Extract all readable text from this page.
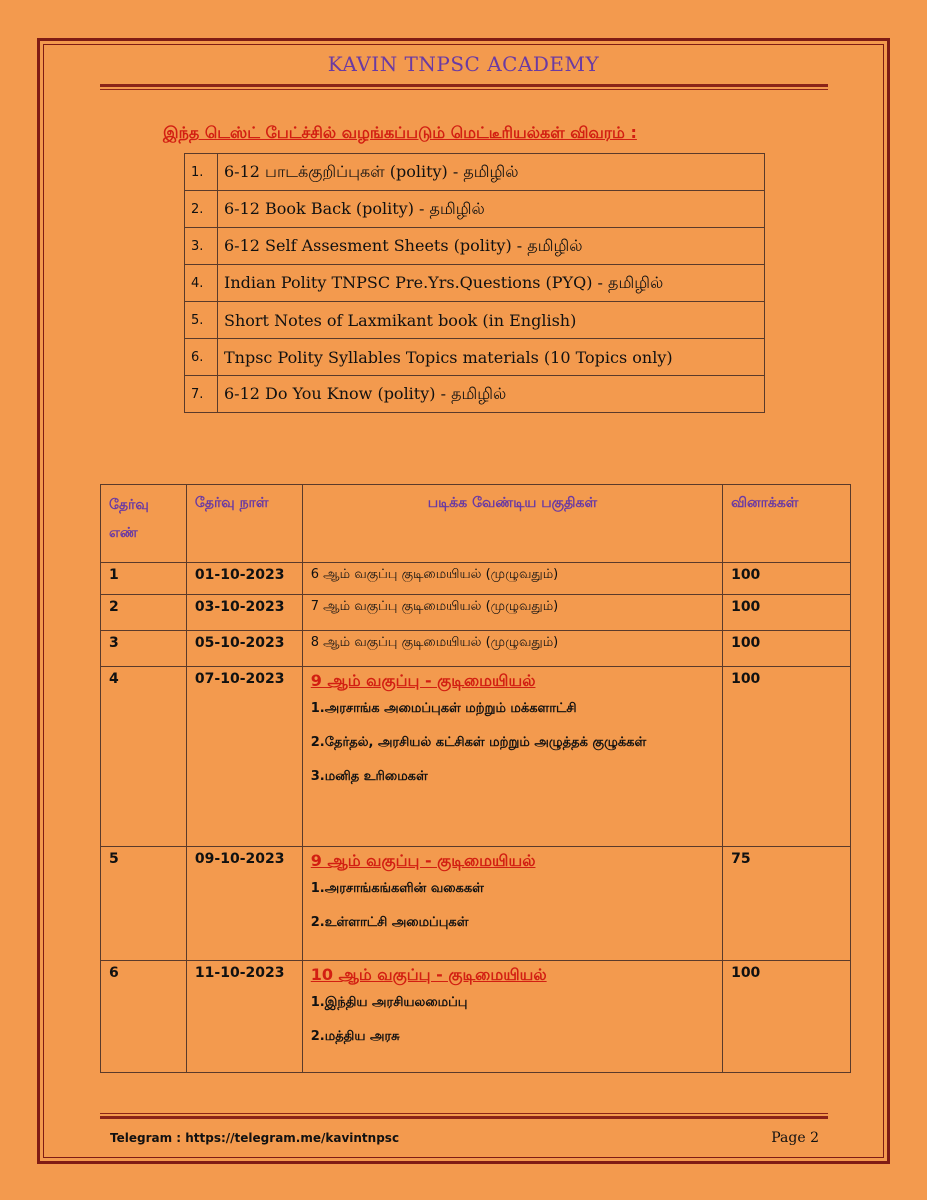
KAVIN TNPSC ACADEMY
இந்த டெஸ்ட் பேட்ச்சில் வழங்கப்படும் மெட்டீரியல்கள் விவரம் :
1.	6-12 பாடக்குறிப்புகள் (polity) - தமிழில்
2.	6-12 Book Back (polity) - தமிழில்
3.	6-12 Self Assesment Sheets (polity) - தமிழில்
4.	Indian Polity TNPSC Pre.Yrs.Questions (PYQ) - தமிழில்
5.	Short Notes of Laxmikant book (in English)
6.	Tnpsc Polity Syllables Topics materials (10 Topics only)
7.	6-12 Do You Know (polity) - தமிழில்
தேர்வு
எண்	தேர்வு நாள்	படிக்க வேண்டிய பகுதிகள்	வினாக்கள்
1	01-10-2023	6 ஆம் வகுப்பு குடிமையியல் (முழுவதும்)	100
2	03-10-2023	7 ஆம் வகுப்பு குடிமையியல் (முழுவதும்)	100
3	05-10-2023	8 ஆம் வகுப்பு குடிமையியல் (முழுவதும்)	100
4	07-10-2023	9 ஆம் வகுப்பு - குடிமையியல்
1.அரசாங்க அமைப்புகள் மற்றும் மக்களாட்சி
2.தேர்தல், அரசியல் கட்சிகள் மற்றும் அழுத்தக் குழுக்கள்
3.மனித உரிமைகள்	100
5	09-10-2023	9 ஆம் வகுப்பு - குடிமையியல்
1.அரசாங்கங்களின் வகைகள்
2.உள்ளாட்சி அமைப்புகள்	75
6	11-10-2023	10 ஆம் வகுப்பு - குடிமையியல்
1.இந்திய அரசியலமைப்பு
2.மத்திய அரசு	100
Telegram : https://telegram.me/kavintnpsc	Page 2
